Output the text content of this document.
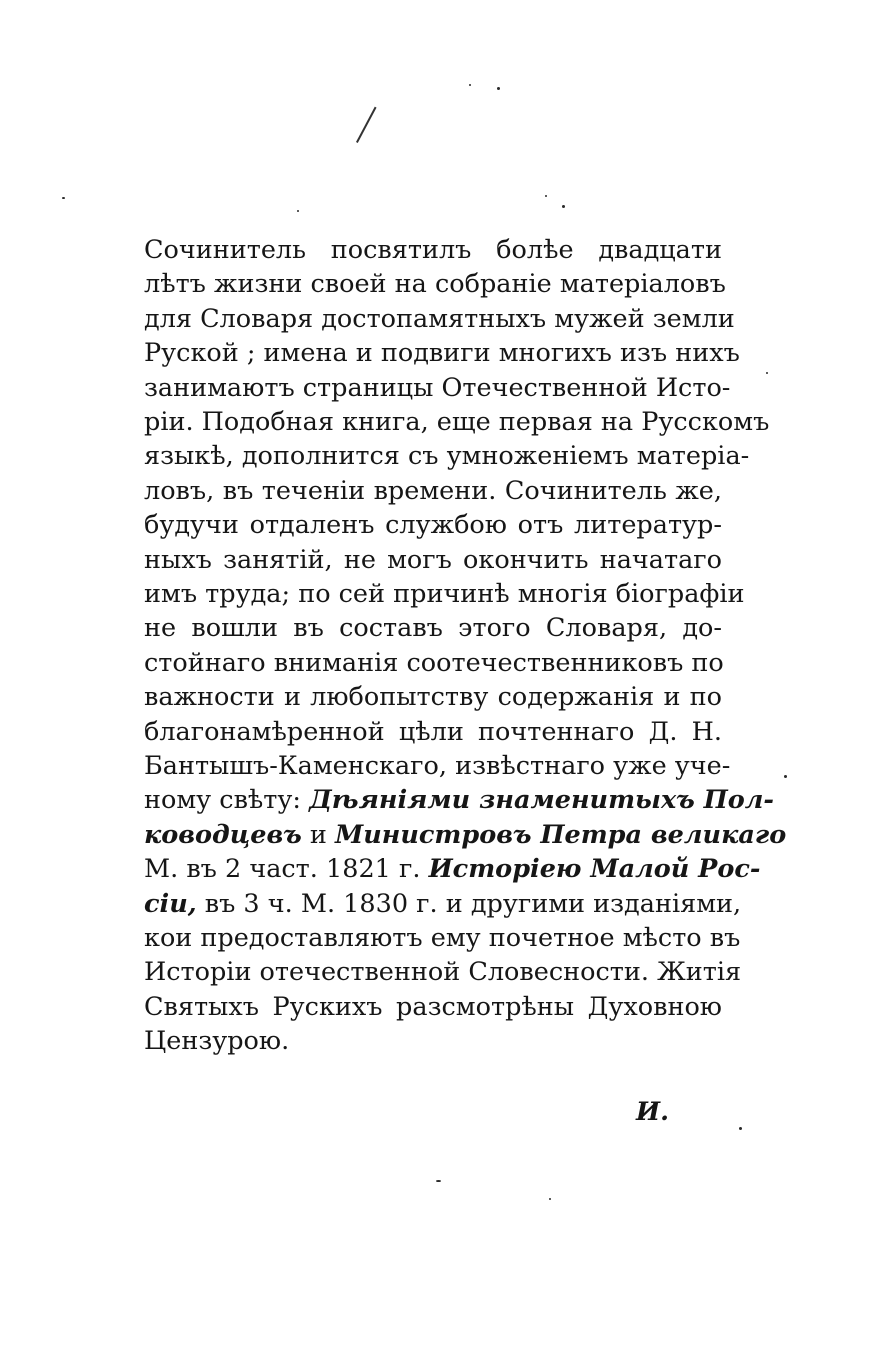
Сочинитель посвятилъ болѣе двадцати
лѣтъ жизни своей на собраніе матеріаловъ
для Словаря достопамятныхъ мужей земли
Руской ; имена и подвиги многихъ изъ нихъ
занимаютъ страницы Отечественной Исто-
ріи. Подобная книга, еще первая на Русскомъ
языкѣ, дополнится съ умноженіемъ матеріа-
ловъ, въ теченіи времени. Сочинитель же,
будучи отдаленъ службою отъ литератур-
ныхъ занятій, не могъ окончить начатаго
имъ труда; по сей причинѣ многія біографіи
не вошли въ составъ этого Словаря, до-
стойнаго вниманія соотечественниковъ по
важности и любопытству содержанія и по
благонамѣренной цѣли почтеннаго Д. Н.
Бантышъ-Каменскаго, извѣстнаго уже уче-
ному свѣту: Дѣяніями знаменитыхъ Пол-
ководцевъ и Министровъ Петра великаго
М. въ 2 част. 1821 г. Исторіею Малой Рос-
сіи, въ 3 ч. М. 1830 г. и другими изданіями,
кои предоставляютъ ему почетное мѣсто въ
Исторіи отечественной Словесности. Житія
Святыхъ Рускихъ разсмотрѣны Духовною
Цензурою.
И.
